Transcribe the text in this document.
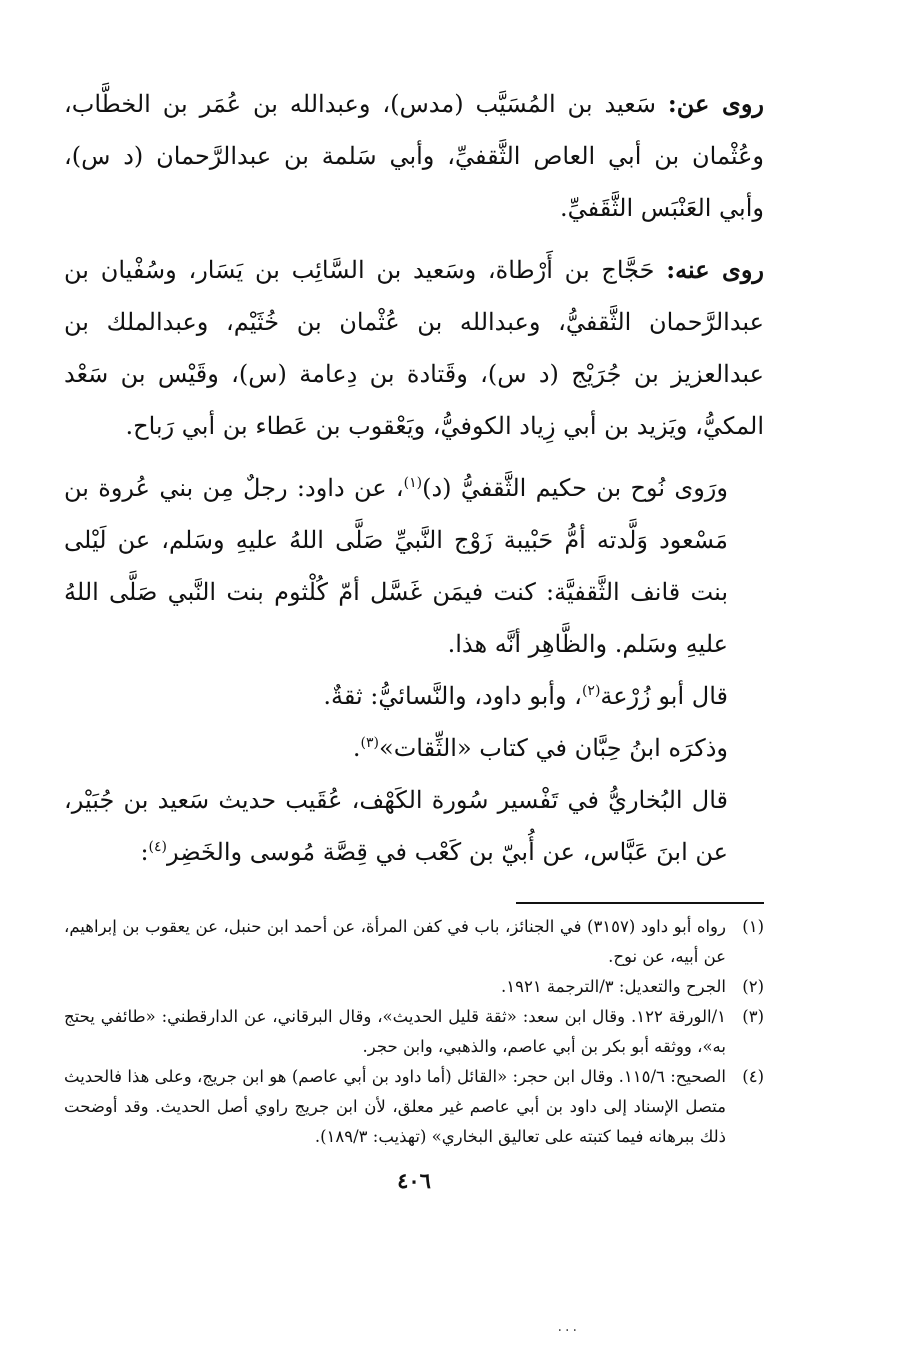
روى عن: سَعيد بن المُسَيَّب (مدس)، وعبدالله بن عُمَر بن الخطَّاب، وعُثْمان بن أبي العاص الثَّقفيِّ، وأبي سَلمة بن عبدالرَّحمان (د س)، وأبي العَنْبَس الثَّقَفيِّ.

روى عنه: حَجَّاج بن أَرْطاة، وسَعيد بن السَّائِب بن يَسَار، وسُفْيان بن عبدالرَّحمان الثَّقفيُّ، وعبدالله بن عُثْمان بن خُثَيْم، وعبدالملك بن عبدالعزيز بن جُرَيْج (د س)، وقَتادة بن دِعامة (س)، وقَيْس بن سَعْد المكيُّ، ويَزيد بن أبي زِياد الكوفيُّ، ويَعْقوب بن عَطاء بن أبي رَباح.

ورَوى نُوح بن حكيم الثَّقفيُّ (د)$^{(١)}$، عن داود: رجلٌ مِن بني عُروة بن مَسْعود وَلَّدته أمُّ حَبْيبة زَوْج النَّبيِّ صَلَّى اللهُ عليهِ وسَلم، عن لَيْلى بنت قانف الثَّقفيَّة: كنت فيمَن غَسَّل أمّ كُلْثوم بنت النَّبي صَلَّى اللهُ عليهِ وسَلم. والظَّاهِر أنَّه هذا.

قال أبو زُرْعة$^{(٢)}$، وأبو داود، والنَّسائيُّ: ثقةٌ.

وذكرَه ابنُ حِبَّان في كتاب «الثِّقات»$^{(٣)}$.

قال البُخاريُّ في تَفْسير سُورة الكَهْف، عُقَيب حديث سَعيد بن جُبَيْر، عن ابنَ عَبَّاس، عن أُبيّ بن كَعْب في قِصَّة مُوسى والخَضِر$^{(٤)}$:

(١)
رواه أبو داود (٣١٥٧) في الجنائز، باب في كفن المرأة، عن أحمد ابن حنبل، عن يعقوب بن إبراهيم، عن أبيه، عن نوح.
(٢)
الجرح والتعديل: ٣/الترجمة ١٩٢١.
(٣)
١/الورقة ١٢٢. وقال ابن سعد: «ثقة قليل الحديث»، وقال البرقاني، عن الدارقطني: «طائفي يحتج به»، ووثقه أبو بكر بن أبي عاصم، والذهبي، وابن حجر.
(٤)
الصحيح: ١١٥/٦. وقال ابن حجر: «القائل (أما داود بن أبي عاصم) هو ابن جريج، وعلى هذا فالحديث متصل الإسناد إلى داود بن أبي عاصم غير معلق، لأن ابن جريج راوي أصل الحديث. وقد أوضحت ذلك ببرهانه فيما كتبته على تعاليق البخاري» (تهذيب: ١٨٩/٣).
٤٠٦
۰۰۰
